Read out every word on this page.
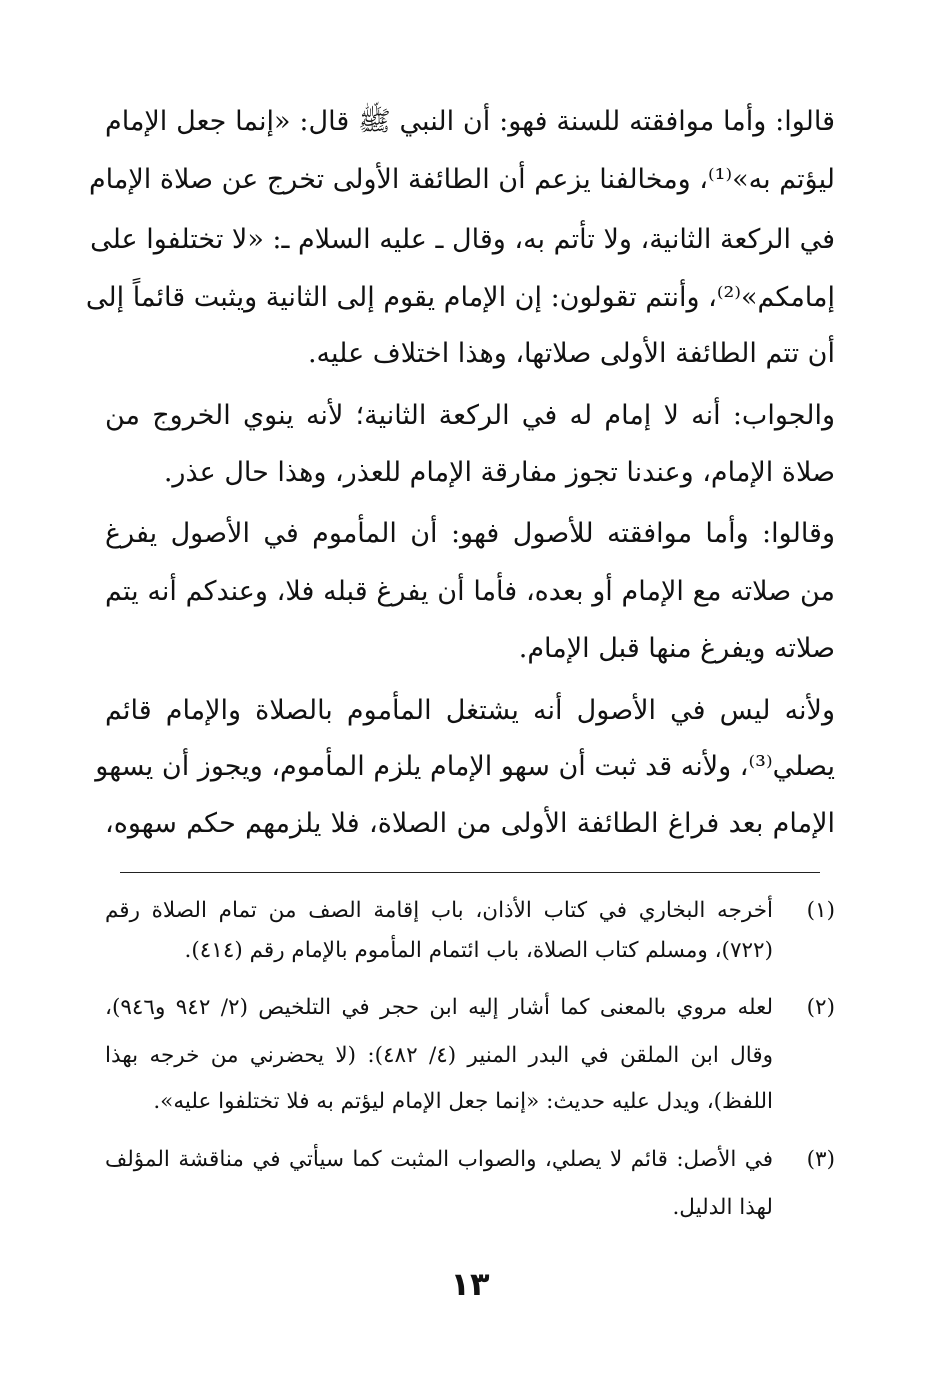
قالوا: وأما موافقته للسنة فهو: أن النبي ﷺ قال: «إنما جعل الإمام
ليؤتم به»⁽¹⁾، ومخالفنا يزعم أن الطائفة الأولى تخرج عن صلاة الإمام
في الركعة الثانية، ولا تأتم به، وقال ـ عليه السلام ـ: «لا تختلفوا على
إمامكم»⁽²⁾، وأنتم تقولون: إن الإمام يقوم إلى الثانية ويثبت قائماً إلى
أن تتم الطائفة الأولى صلاتها، وهذا اختلاف عليه.
والجواب: أنه لا إمام له في الركعة الثانية؛ لأنه ينوي الخروج من
صلاة الإمام، وعندنا تجوز مفارقة الإمام للعذر، وهذا حال عذر.
وقالوا: وأما موافقته للأصول فهو: أن المأموم في الأصول يفرغ
من صلاته مع الإمام أو بعده، فأما أن يفرغ قبله فلا، وعندكم أنه يتم
صلاته ويفرغ منها قبل الإمام.
ولأنه ليس في الأصول أنه يشتغل المأموم بالصلاة والإمام قائم
يصلي⁽³⁾، ولأنه قد ثبت أن سهو الإمام يلزم المأموم، ويجوز أن يسهو
الإمام بعد فراغ الطائفة الأولى من الصلاة، فلا يلزمهم حكم سهوه،
(١)
أخرجه البخاري في كتاب الأذان، باب إقامة الصف من تمام الصلاة رقم
(٧٢٢)، ومسلم كتاب الصلاة، باب ائتمام المأموم بالإمام رقم (٤١٤).
(٢)
لعله مروي بالمعنى كما أشار إليه ابن حجر في التلخيص (٢/ ٩٤٢ و٩٤٦)،
وقال ابن الملقن في البدر المنير (٤/ ٤٨٢): (لا يحضرني من خرجه بهذا
اللفظ)، ويدل عليه حديث: «إنما جعل الإمام ليؤتم به فلا تختلفوا عليه».
(٣)
في الأصل: قائم لا يصلي، والصواب المثبت كما سيأتي في مناقشة المؤلف
لهذا الدليل.
١٣
